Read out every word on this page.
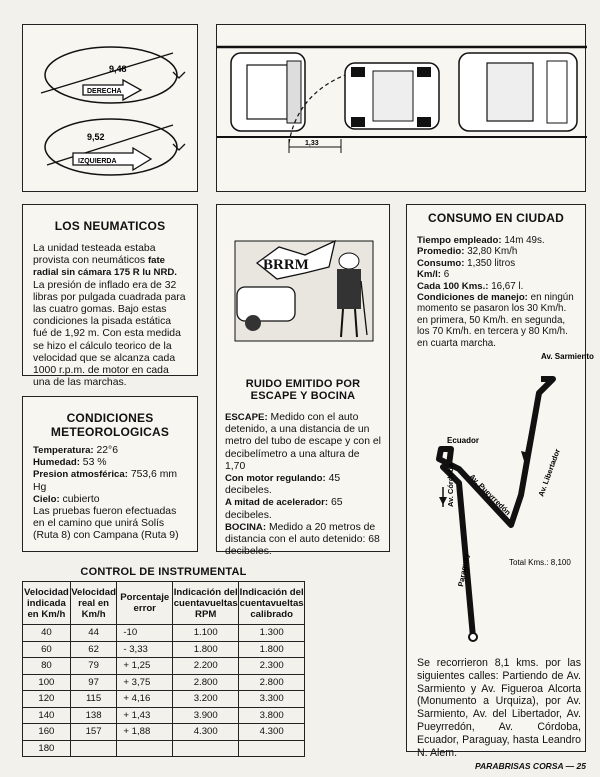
9,48
DERECHA
9,52
IZQUIERDA
1,33
LOS NEUMATICOS
La unidad testeada estaba provista con neumáticos fate radial sin cámara 175 R lu NRD.
La presión de inflado era de 32 libras por pulgada cuadrada para las cuatro gomas. Bajo estas condiciones la pisada estática fué de 1,92 m. Con esta medida se hizo el cálculo teorico de la velocidad que se alcanza cada 1000 r.p.m. de motor en cada una de las marchas.
CONDICIONES
METEOROLOGICAS
Temperatura: 22°6
Humedad: 53 %
Presion atmosférica: 753,6 mm Hg
Cielo: cubierto
Las pruebas fueron efectuadas en el camino que unirá Solís (Ruta 8) con Campana (Ruta 9)
BRRM
RUIDO EMITIDO POR
ESCAPE Y BOCINA
ESCAPE: Medido con el auto detenido, a una distancia de un metro del tubo de escape y con el decibelímetro a una altura de 1,70
Con motor regulando: 45 decibeles.
A mitad de acelerador: 65 decibeles.
BOCINA: Medido a 20 metros de distancia con el auto detenido: 68 decibeles.
CONSUMO EN CIUDAD
Tiempo empleado: 14m 49s.
Promedio: 32,80 Km/h
Consumo: 1,350 litros
Km/l: 6
Cada 100 Kms.: 16,67 l.
Condiciones de manejo: en ningún momento se pasaron los 30 Km/h. en primera, 50 Km/h. en segunda, los 70 Km/h. en tercera y 80 Km/h. en cuarta marcha.
Av. Sarmiento
Ecuador
Av. Córdoba	Av. Libertador
Av. Pueyrredón
Paraguay	Total Kms.: 8,100
Se recorrieron 8,1 kms. por las siguientes calles: Partiendo de Av. Sarmiento y Av. Figueroa Alcorta (Monumento a Urquiza), por Av. Sarmiento, Av. del Libertador, Av. Pueyrredón, Av. Córdoba, Ecuador, Paraguay, hasta Leandro N. Alem.
CONTROL DE INSTRUMENTAL
Velocidad indicada en Km/h	Velocidad real en Km/h	Porcentaje error	Indicación del cuentavueltas RPM	Indicación del cuentavueltas calibrado
40	44	-10	1.100	1.300
60	62	- 3,33	1.800	1.800
80	79	+ 1,25	2.200	2.300
100	97	+ 3,75	2.800	2.800
120	115	+ 4,16	3.200	3.300
140	138	+ 1,43	3.900	3.800
160	157	+ 1,88	4.300	4.300
180				
PARABRISAS CORSA — 25
